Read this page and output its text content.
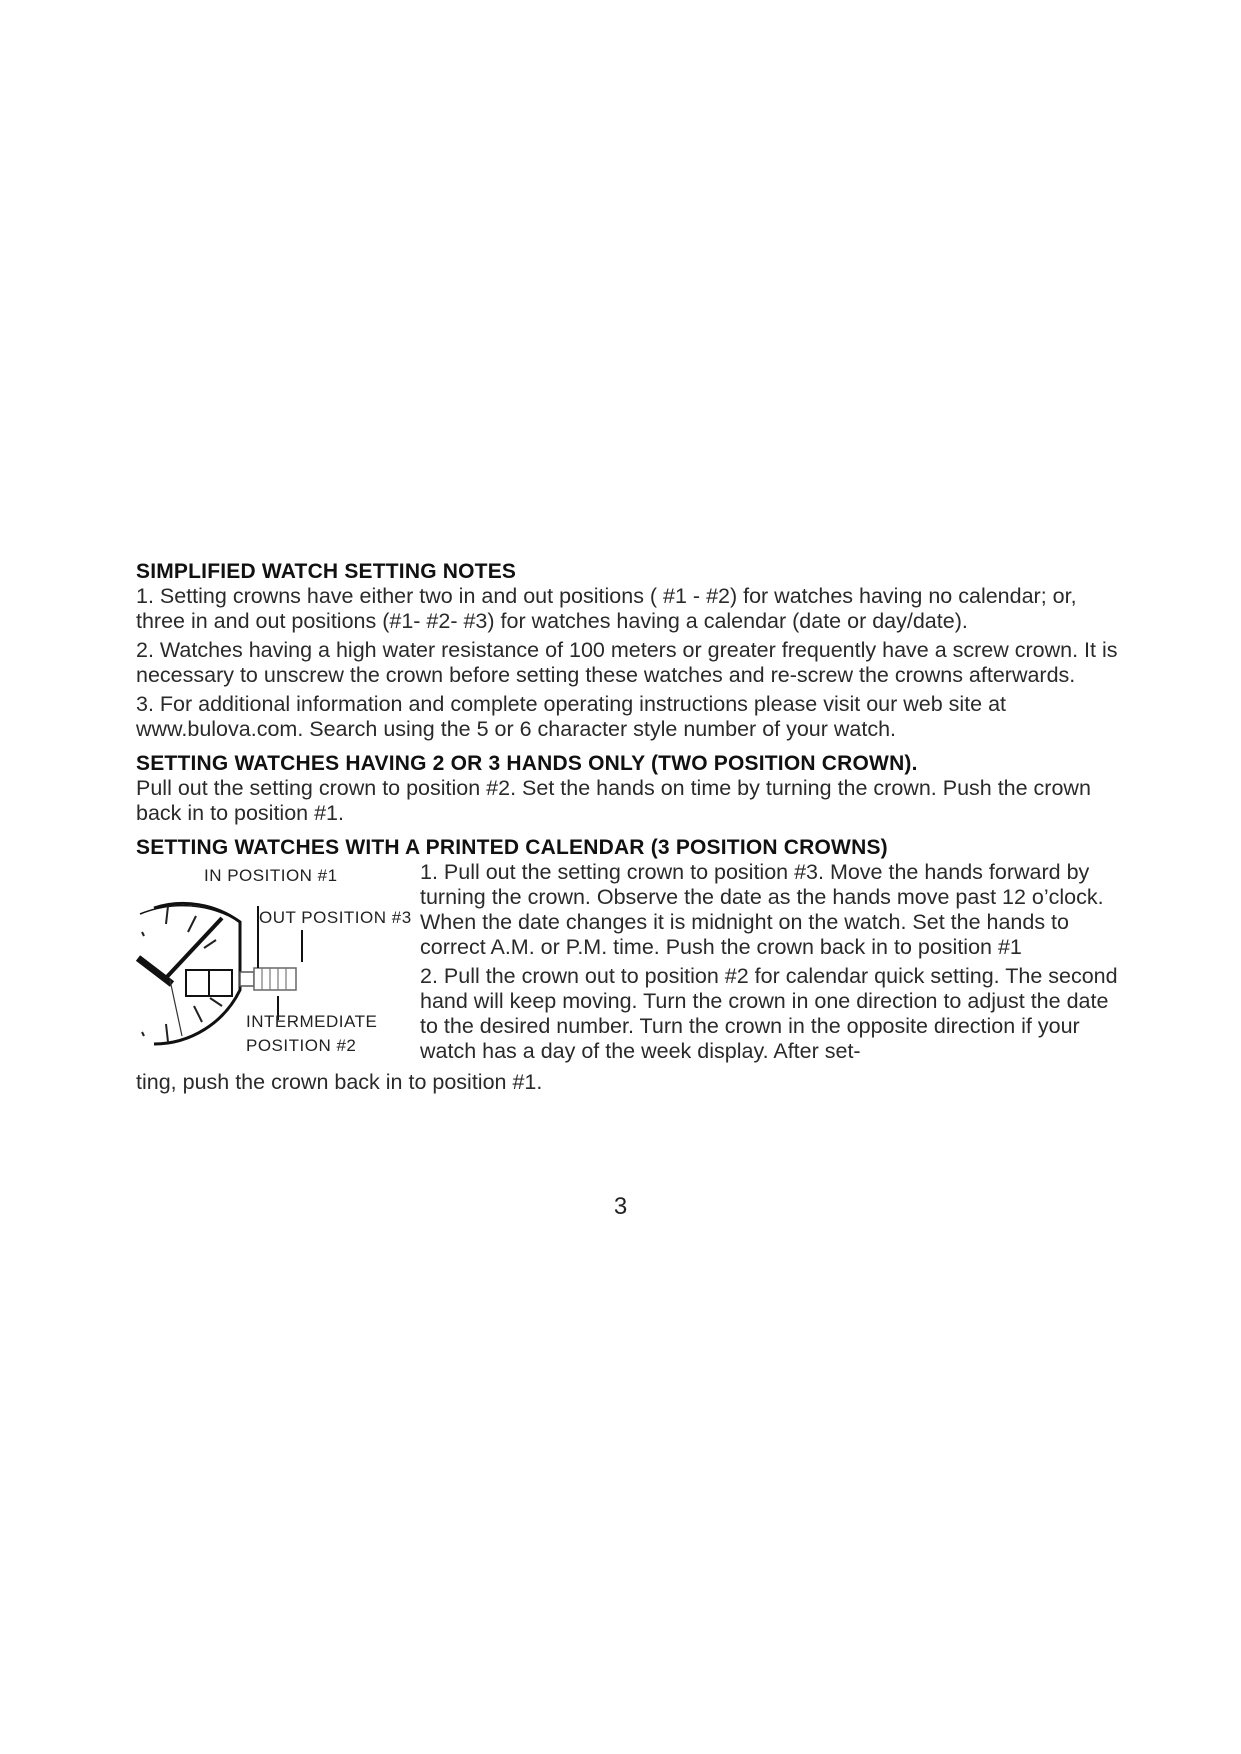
SIMPLIFIED WATCH SETTING NOTES

1. Setting crowns have either two in and out positions ( #1 - #2) for watches having no calendar; or, three in and out positions (#1- #2- #3) for watches having a calendar (date or day/date).

2. Watches having a high water resistance of 100 meters or greater frequently have a screw crown. It is necessary to unscrew the crown before setting these watches and re-screw the crowns afterwards.

3. For additional information and complete operating instructions please visit our web site at www.bulova.com. Search using the 5 or 6 character style number of your watch.

SETTING WATCHES HAVING 2 OR 3 HANDS ONLY (TWO POSITION CROWN).

Pull out the setting crown to position #2. Set the hands on time by turning the crown. Push the crown back in to position #1.

SETTING WATCHES WITH A PRINTED CALENDAR (3 POSITION CROWNS)
IN POSITION #1
OUT POSITION #3
INTERMEDIATE
POSITION #2

1. Pull out the setting crown to position #3. Move the hands forward by turning the crown. Observe the date as the hands move past 12 o’clock. When the date changes it is midnight on the watch. Set the hands to correct A.M. or P.M. time. Push the crown back in to position #1

2. Pull the crown out to position #2 for calendar quick setting. The second hand will keep moving. Turn the crown in one direction to adjust the date to the desired number. Turn the crown in the opposite direction if your watch has a day of the week display. After set-

ting, push the crown back in to position #1.

3
